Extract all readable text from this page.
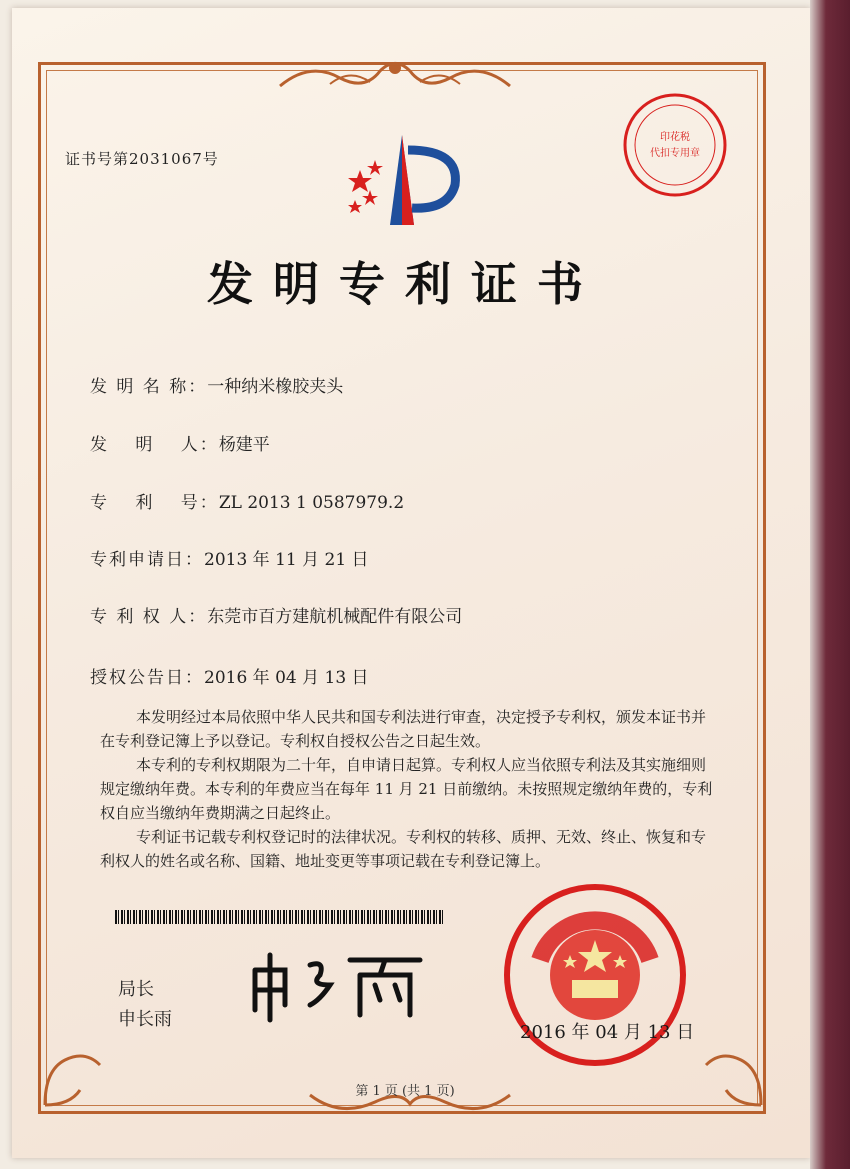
证书号第2031067号
印花税
代扣专用章
发明专利证书
发 明 名 称：一种纳米橡胶夹头
发　 明　 人：杨建平
专　 利　 号：ZL 2013 1 0587979.2
专利申请日：2013 年 11 月 21 日
专 利 权 人：东莞市百方建航机械配件有限公司
授权公告日：2016 年 04 月 13 日

本发明经过本局依照中华人民共和国专利法进行审查，决定授予专利权，颁发本证书并在专利登记簿上予以登记。专利权自授权公告之日起生效。

本专利的专利权期限为二十年，自申请日起算。专利权人应当依照专利法及其实施细则规定缴纳年费。本专利的年费应当在每年 11 月 21 日前缴纳。未按照规定缴纳年费的，专利权自应当缴纳年费期满之日起终止。

专利证书记载专利权登记时的法律状况。专利权的转移、质押、无效、终止、恢复和专利权人的姓名或名称、国籍、地址变更等事项记载在专利登记簿上。

局长
申长雨
2016 年 04 月 13 日
第 1 页 (共 1 页)
